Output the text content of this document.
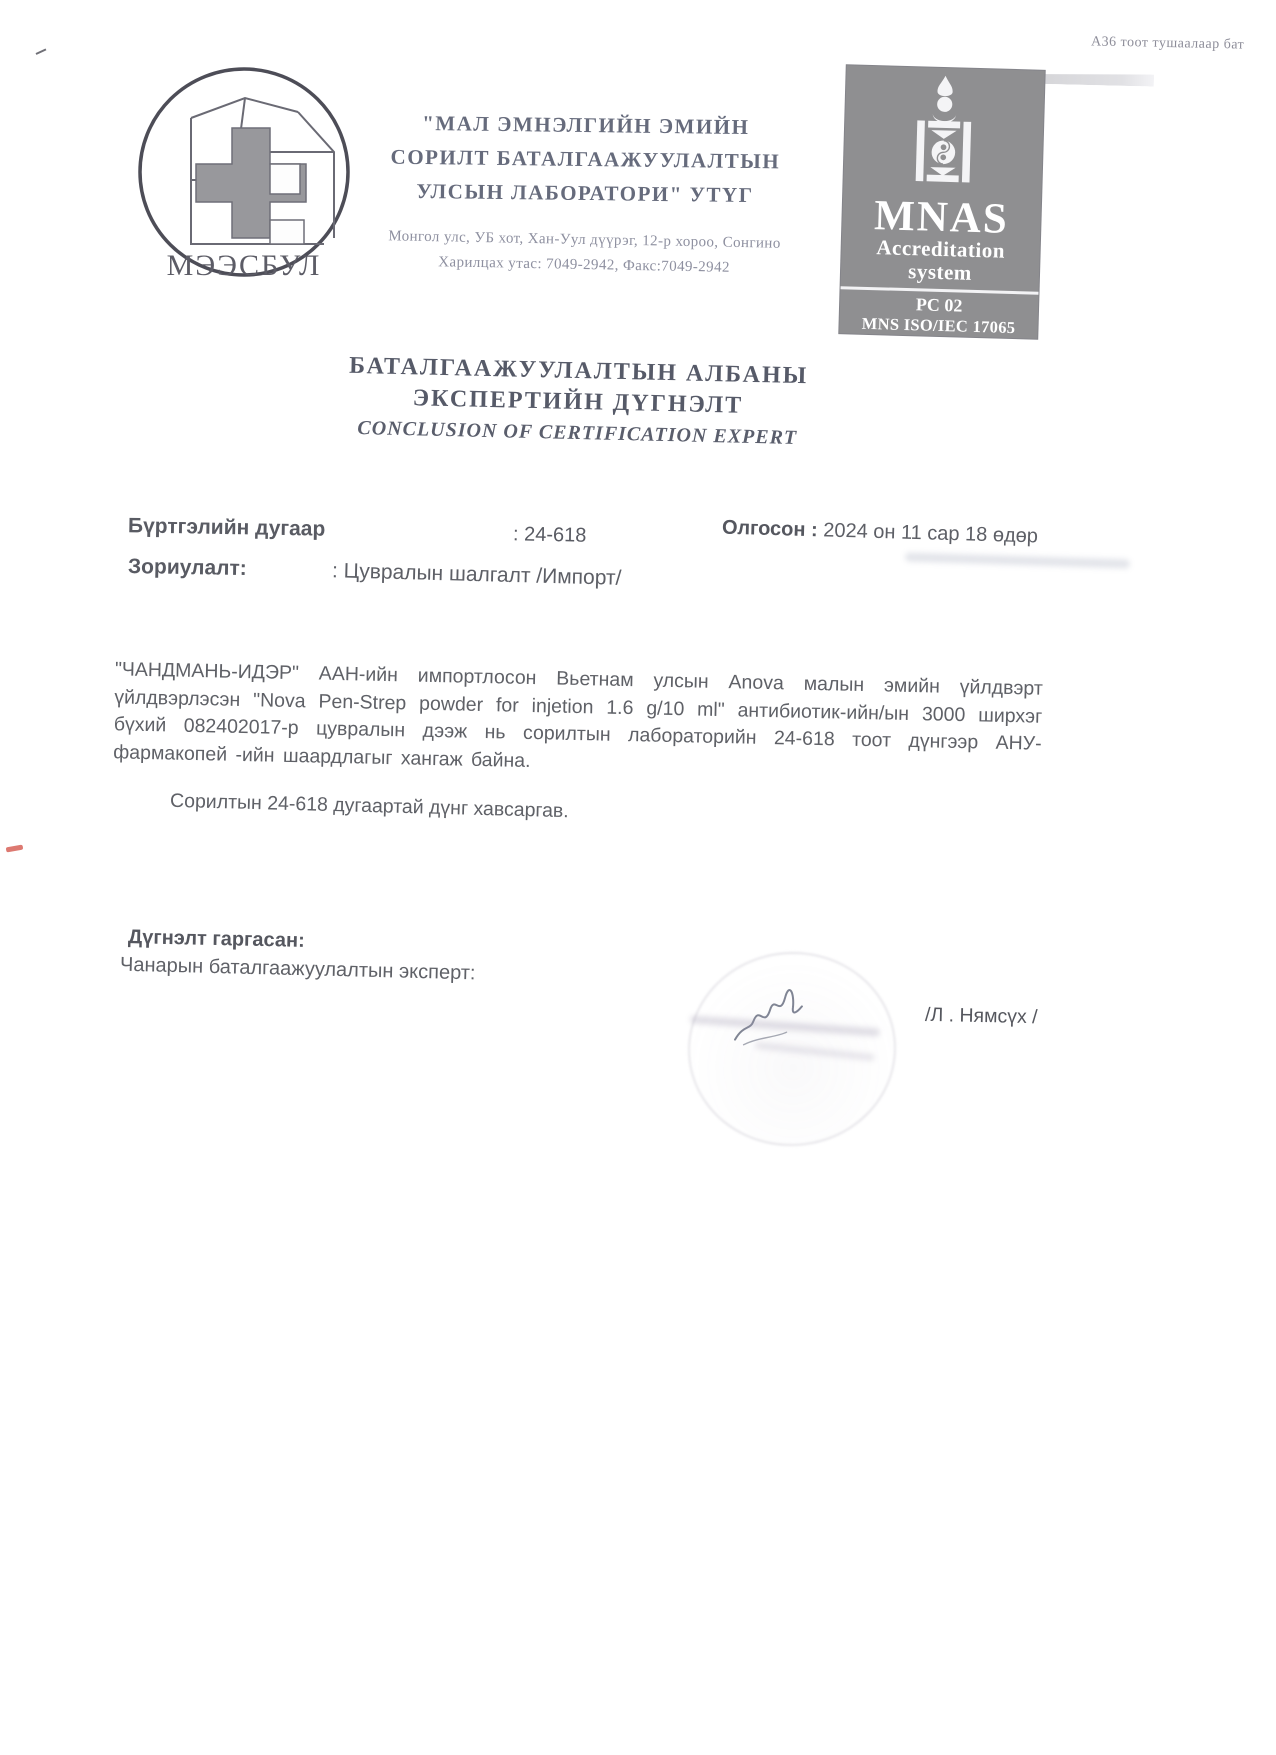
А36 тоот тушаалаар бат
МЭЭСБУЛ
"МАЛ ЭМНЭЛГИЙН ЭМИЙН
СОРИЛТ БАТАЛГААЖУУЛАЛТЫН
УЛСЫН ЛАБОРАТОРИ" УТҮГ
Монгол улс, УБ хот, Хан-Уул дүүрэг, 12-р хороо, Сонгино
Харилцах утас: 7049-2942, Факс:7049-2942
MNAS
Accreditation
system
PC 02
MNS ISO/IEC 17065
БАТАЛГААЖУУЛАЛТЫН АЛБАНЫ
ЭКСПЕРТИЙН ДҮГНЭЛТ
CONCLUSION OF CERTIFICATION EXPERT
Бүртгэлийн дугаар	: 24-618	Олгосон : 2024 он 11 сар 18 өдөр
Зориулалт:	: Цувралын шалгалт /Импорт/
"ЧАНДМАНЬ-ИДЭР" ААН-ийн импортлосон Вьетнам улсын Anova малын эмийн үйлдвэрт үйлдвэрлэсэн "Nova Pen-Strep powder for injetion 1.6 g/10 ml" антибиотик-ийн/ын 3000 ширхэг бүхий 082402017-р цувралын дээж нь сорилтын лабораторийн 24-618 тоот дүнгээр АНУ- фармакопей -ийн шаардлагыг хангаж байна.
Сорилтын 24-618 дугаартай дүнг хавсаргав.
Дүгнэлт гаргасан:
Чанарын баталгаажуулалтын эксперт:
/Л . Нямсүх /
